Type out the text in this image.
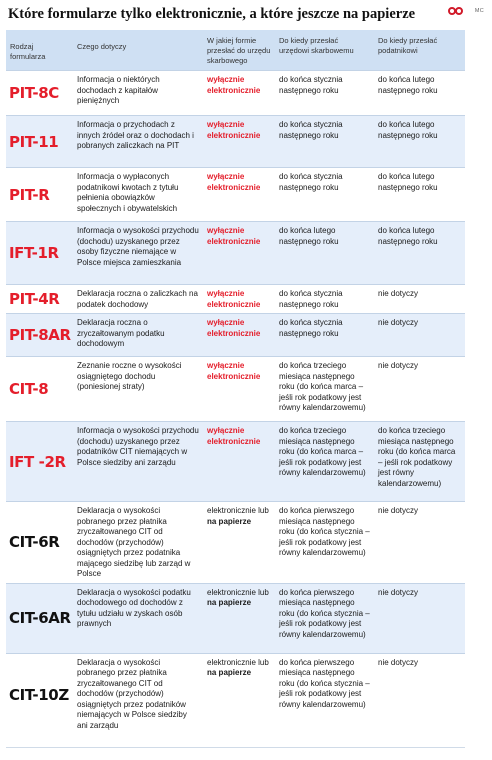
Które formularze tylko elektronicznie, a które jeszcze na papierze	MC
Rodzaj formularza	Czego dotyczy	W jakiej formie przesłać do urzędu skarbowego	Do kiedy przesłać urzędowi skarbowemu	Do kiedy przesłać podatnikowi
PIT-8C	Informacja o niektórych dochodach z kapitałów pieniężnych	wyłącznie elektronicznie	do końca stycznia następnego roku	do końca lutego następnego roku
PIT-11	Informacja o przychodach z innych źródeł oraz o dochodach i pobranych zaliczkach na PIT	wyłącznie elektronicznie	do końca stycznia następnego roku	do końca lutego następnego roku
PIT-R	Informacja o wypłaconych podatnikowi kwotach z tytułu pełnienia obowiązków społecznych i obywatelskich	wyłącznie elektronicznie	do końca stycznia następnego roku	do końca lutego następnego roku
IFT-1R	Informacja o wysokości przychodu (dochodu) uzyskanego przez osoby fizyczne niemające w Polsce miejsca zamieszkania	wyłącznie elektronicznie	do końca lutego następnego roku	do końca lutego następnego roku
PIT-4R	Deklaracja roczna o zaliczkach na podatek dochodowy	wyłącznie elektronicznie	do końca stycznia następnego roku	nie dotyczy
PIT-8AR	Deklaracja roczna o zryczałtowanym podatku dochodowym	wyłącznie elektronicznie	do końca stycznia następnego roku	nie dotyczy
CIT-8	Zeznanie roczne o wysokości osiągniętego dochodu (poniesionej straty)	wyłącznie elektronicznie	do końca trzeciego miesiąca następnego roku (do końca marca – jeśli rok podatkowy jest równy kalendarzowemu)	nie dotyczy
IFT -2R	Informacja o wysokości przychodu (dochodu) uzyskanego przez podatników CIT niemających w Polsce siedziby ani zarządu	wyłącznie elektronicznie	do końca trzeciego miesiąca następnego roku (do końca marca – jeśli rok podatkowy jest równy kalendarzowemu)	do końca trzeciego miesiąca następnego roku (do końca marca – jeśli rok podatkowy jest równy kalendarzowemu)
CIT-6R	Deklaracja o wysokości pobranego przez płatnika zryczałtowanego CIT od dochodów (przychodów) osiągniętych przez podatnika mającego siedzibę lub zarząd w Polsce	elektronicznie lub na papierze	do końca pierwszego miesiąca następnego roku (do końca stycznia – jeśli rok podatkowy jest równy kalendarzowemu)	nie dotyczy
CIT-6AR	Deklaracja o wysokości podatku dochodowego od dochodów z tytułu udziału w zyskach osób prawnych	elektronicznie lub na papierze	do końca pierwszego miesiąca następnego roku (do końca stycznia – jeśli rok podatkowy jest równy kalendarzowemu)	nie dotyczy
CIT-10Z	Deklaracja o wysokości pobranego przez płatnika zryczałtowanego CIT od dochodów (przychodów) osiągniętych przez podatników niemających w Polsce siedziby ani zarządu	elektronicznie lub na papierze	do końca pierwszego miesiąca następnego roku (do końca stycznia – jeśli rok podatkowy jest równy kalendarzowemu)	nie dotyczy
